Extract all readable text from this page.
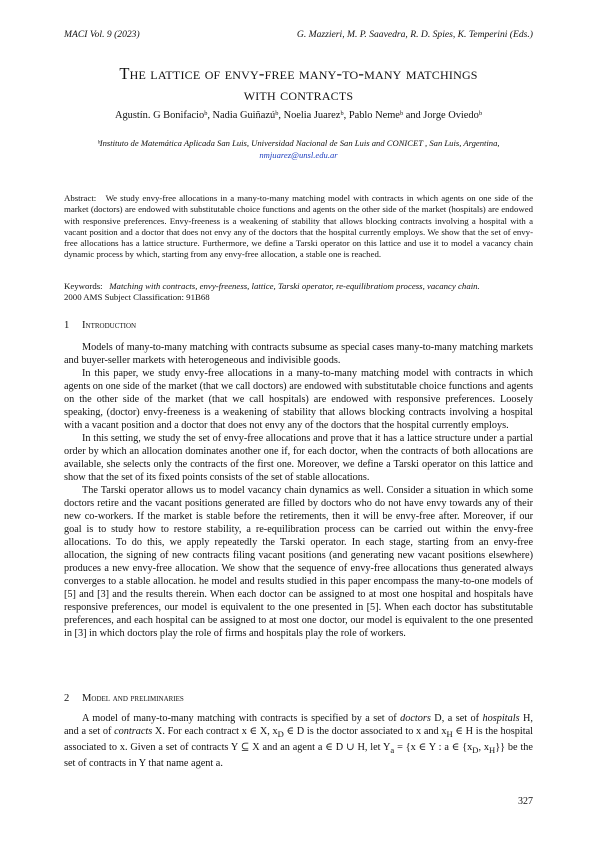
MACI Vol. 9 (2023)	G. Mazzieri, M. P. Saavedra, R. D. Spies, K. Temperini (Eds.)
The lattice of envy-free many-to-many matchings
with contracts
Agustín. G Bonifacioᵇ, Nadia Guiñazúᵇ, Noelia Juarezᵇ, Pablo Nemeᵇ and Jorge Oviedoᵇ
ᵇInstituto de Matemática Aplicada San Luis, Universidad Nacional de San Luis and CONICET , San Luis, Argentina,
nmjuarez@unsl.edu.ar
Abstract: We study envy-free allocations in a many-to-many matching model with contracts in which agents on one side of the market (doctors) are endowed with substitutable choice functions and agents on the other side of the market (hospitals) are endowed with responsive preferences. Envy-freeness is a weakening of stability that allows blocking contracts involving a hospital with a vacant position and a doctor that does not envy any of the doctors that the hospital currently employs. We show that the set of envy-free allocations has a lattice structure. Furthermore, we define a Tarski operator on this lattice and use it to model a vacancy chain dynamic process by which, starting from any envy-free allocation, a stable one is reached.
Keywords: Matching with contracts, envy-freeness, lattice, Tarski operator, re-equilibratiom process, vacancy chain.
2000 AMS Subject Classification: 91B68
1 Introduction

Models of many-to-many matching with contracts subsume as special cases many-to-many matching markets and buyer-seller markets with heterogeneous and indivisible goods.

In this paper, we study envy-free allocations in a many-to-many matching model with contracts in which agents on one side of the market (that we call doctors) are endowed with substitutable choice functions and agents on the other side of the market (that we call hospitals) are endowed with responsive preferences. Loosely speaking, (doctor) envy-freeness is a weakening of stability that allows blocking contracts involving a hospital with a vacant position and a doctor that does not envy any of the doctors that the hospital currently employs.

In this setting, we study the set of envy-free allocations and prove that it has a lattice structure under a partial order by which an allocation dominates another one if, for each doctor, when the contracts of both allocations are available, she selects only the contracts of the first one. Moreover, we define a Tarski operator on this lattice and show that the set of its fixed points consists of the set of stable allocations.

The Tarski operator allows us to model vacancy chain dynamics as well. Consider a situation in which some doctors retire and the vacant positions generated are filled by doctors who do not have envy towards any of their new co-workers. If the market is stable before the retirements, then it will be envy-free after. Moreover, if our goal is to study how to restore stability, a re-equilibration process can be carried out within the envy-free allocations. To do this, we apply repeatedly the Tarski operator. In each stage, starting from an envy-free allocation, the signing of new contracts filing vacant positions (and generating new vacant positions elsewhere) produces a new envy-free allocation. We show that the sequence of envy-free allocations thus generated always converges to a stable allocation. he model and results studied in this paper encompass the many-to-one models of [5] and [3] and the results therein. When each doctor can be assigned to at most one hospital and hospitals have responsive preferences, our model is equivalent to the one presented in [5]. When each doctor has substitutable preferences, and each hospital can be assigned to at most one doctor, our model is equivalent to the one presented in [3] in which doctors play the role of firms and hospitals play the role of workers.

2 Model and preliminaries

A model of many-to-many matching with contracts is specified by a set of doctors D, a set of hospitals H, and a set of contracts X. For each contract x ∈ X, $x_D$ ∈ D is the doctor associated to x and $x_H$ ∈ H is the hospital associated to x. Given a set of contracts Y ⊆ X and an agent a ∈ D ∪ H, let $Y_a = \{x$ ∈ Y : a ∈ {$x_D$, $x_H$}} be the set of contracts in Y that name agent a.

327
